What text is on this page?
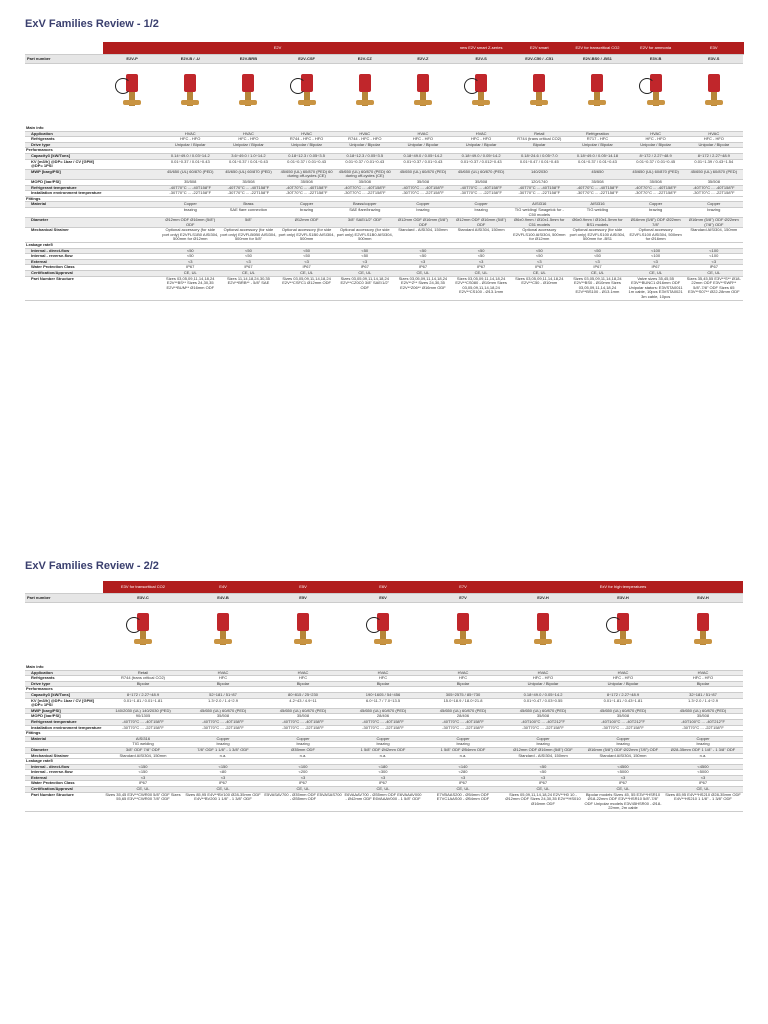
ExV Families Review - 1/2
	E2V						new E2V smart Z-series	E2V smart	E2V for transcritical CO2	E2V for ammonia	E3V	
Part number	E2V-P	E2V-B / -U	E2V-BRB	E2V-CSF	E2V-CZ	E2V-Z	E2V-S	E2V-C50 / -C51	E2V-BS0 / -BS1	E3V-B	E3V-S	

Main info												
Application		HVAC	HVAC	HVAC	HVAC	HVAC	HVAC	Retail	Refrigeration	HVAC	HVAC	
Refrigerants		HFC - HFO	HFC - HFO	R744 - HFC - HFO	R744 - HFC - HFO	HFC - HFO	HFC - HFO	R744 (trans critical CO2)	R717 - HFC	HFC - HFO	HFC - HFO	
Drive type		Unipolar / Bipolar	Unipolar / Bipolar	Unipolar / Bipolar	Unipolar / Bipolar	Unipolar / Bipolar	Unipolar / Bipolar	Bipolar	Unipolar / Bipolar	Unipolar / Bipolar	Unipolar / Bipolar	
Performances												
Capacity3 [kW/Tons]		0.14÷49.0 / 0.03÷14.2	3.6÷49.0 / 1.0÷14.2	0.18÷12.3 / 0.05÷3.5	0.18÷12.3 / 0.05÷3.5	0.18÷49.0 / 0.05÷14.2	0.18÷49.0 / 0.05÷14.2	0.18÷24.6 / 0.05÷7.0	0.18÷49.0 / 0.05÷14.18	8÷172 / 2.27÷48.9	8÷172 / 2.27÷48.9	
KV [m3/h] @DP= 1bar / CV [GPM] @DP= 1PSI		0.01÷0.37 / 0.01÷0.43	0.01÷0.37 / 0.01÷0.43	0.01÷0.37 / 0.01÷0.43	0.01÷0.37 / 0.01÷0.43	0.01÷0.37 / 0.01÷0.43	0.01÷0.37 / 0.012÷0.43	0.01÷0.47 / 0.01÷0.45	0.01÷0.37 / 0.01÷0.43	0.01÷0.37 / 0.01÷0.45	0.01÷1.39 / 0.43÷1.54	
MWP [barg/PSI]		45/650 (UL) 60/870 (PED)	45/650 (UL) 60/870 (PED)	45/650 (UL) 60/870 (PED) 60 during off-cycles (CE)	45/650 (UL) 60/870 (PED) 60 during off-cycles (CE)	45/650 (UL) 60/870 (PED)	45/650 (UL) 60/870 (PED)	140/2030	45/650	45/650 (UL) 60/870 (PED)	45/650 (UL) 60/870 (PED)	
MOPD [bar/PSI]		35/508	35/508	35/508	35/508	35/508	35/508	120/1740	35/508	35/508	35/508	
Refrigerant temperature		-40T70°C ... -40T158°F	-40T70°C ... -40T158°F	-40T70°C ... -40T158°F	-40T70°C ... -40T158°F	-40T70°C ... -40T158°F	-40T70°C ... -40T158°F	-40T70°C ... -40T158°F	-40T70°C ... -40T158°F	-40T70°C ... -40T158°F	-40T70°C ... -40T158°F	
Installation environment temperature		-30T70°C ... -22T158°F	-30T70°C ... -22T158°F	-30T70°C ... -22T158°F	-30T70°C ... -22T158°F	-30T70°C ... -22T158°F	-30T70°C ... -22T158°F	-30T70°C ... -22T158°F	-30T70°C ... -22T158°F	-30T70°C ... -22T158°F	-30T70°C ... -22T158°F	
Fittings												
Material		Copper	Brass	Copper	Brass/copper	Copper	Copper	AISI316	AISI316	Copper	Copper	
		brazing	SAE flare connection	brazing	SAE flare/brazing	brazing	brazing	TIG welding/ Swagelok for -C50 models	TIG welding	brazing	brazing	
Diameter		Ø12mm ODF Ø16mm (5/8") ODF	5/8"	Ø12mm ODF	3/8" SAE/1/2" ODF	Ø12mm ODF Ø16mm (5/8") ODF	Ø12mm ODF Ø16mm (5/8") ODF	Ø6x0.9mm / Ø10x1.5mm for C51 models	Ø6x0.9mm / Ø10x1.5mm for BS1 models	Ø16mm (5/8") ODF Ø22mm 7/8"	Ø16mm (5/8") ODF Ø22mm (7/8") ODF	
Mechanical Strainer		Optional accessory (for side port only) E2VFLS1B0 AISI304, 500mm for Ø12mm	Optional accessory (for side port only) E2VFLB0B0 AISI304, 500mm for 5/8"	Optional accessory (for side port only) E2VFLS1B0 AISI304, 500mm	Optional accessory (for side port only) E2VFLS1B0 AISI304, 500mm	Standard - AISI304, 150mm	Standard AISI304, 150mm	Optional accessory E2VFLS100 AISI304, 500mm for Ø12mm	Optional accessory (for side port only) E2VFLS100 AISI304, 500mm for -BS1	Optional accessory E2VFLS100 AISI304, 500mm for Ø16mm	Standard AISI304, 150mm	
Leakage rate5												
Internal - direct-flow		<50	<50	<50	<50	<50	<50	<50	<50	<100	<100	
Internal - reverse-flow		<50	<50	<50	<50	<50	<50	<50	<50	<100	<100	
External		<3	<3	<3	<3	<3	<3	<3	<3	<3	<3	
Water Protection Class		IP67	IP67	IP67	IP67	IP67	IP67	IP67	IP67	IP67	IP67	
Certification/Approval		CE, UL	CE, UL	CE, UL	CE, UL	CE, UL	CE, UL	CE, UL	CE, UL	CE, UL	CE, UL	
Part Number Structure		Sizes 03,05,09,11,14,18,24 E2V**BS** Sizes 24,30,35 E2V**BUM** Ø16mm ODF	Sizes 11,14,18,24,30,35 E2V**BRB** - 5/8" SAE	Sizes 03,05,09,11,14,18,24 E2V**CSFC1 Ø12mm ODF	Sizes 03,05,09,11,14,18,24 E2V**CZ0C0 3/8" SAE/1/2" ODF	Sizes 03,05,09,11,14,18,24 E2V**Z** Sizes 24,30,35 E2V**Z06** Ø16mm ODF	Sizes 03,05,09,11,14,18,24 E2V**CS080 - Ø10mm Sizes 03,05,09,11,14,18,24 E2V**CS100 - Ø13.1mm	Sizes 03,05,09,11,14,18,24 E2V**C50 - Ø10mm	Sizes 03,05,09,11,14,18,24 E2V**BS0 - Ø10mm Sizes 03,05,09,11,14,18,24 E2V**BS100 - Ø13.1mm	Valve sizes 35,45,55 E3V**BUNC1 Ø16mm ODF Unipolar stators: E3VSTA0011 1m cable, 10pcs E3VSTA0021 3m cable, 10pcs	Sizes 35,45,55 E3V**S** Ø18-22mm ODF E3V**SWR** 5/8"-7/8" ODF Sizes 65 E3V**S07** Ø22-28mm ODF	
ExV Families Review - 2/2
	E3V for transcritical CO2	E4V	E5V	E6V	E7V	ExV for high temperatures		
Part number	E3V-C	E4V-B	E5V	E6V	E7V	E2V-H	E3V-H	E4V-H

Main info								
Application	Retail	HVAC	HVAC	HVAC	HVAC	HVAC	HVAC	HVAC
Refrigerants	R744 (trans critical CO2)	HFC	HFC	HFC	HFC	HFC - HFO	HFC - HFO	HFC - HFO
Drive type	Bipolar	Bipolar	Bipolar	Bipolar	Bipolar	Unipolar / Bipolar	Unipolar / Bipolar	Bipolar
Performances								
Capacity3 [kW/Tons]	8÷172 / 2.27÷48.9	52÷181 / 51÷87	80÷815 / 25÷230	190÷1605 / 54÷456	305÷2575 / 85÷730	0.18÷49.0 / 0.05÷14.2	8÷172 / 2.27÷48.9	32÷181 / 51÷87
KV [m3/h] @DP= 1bar / CV [GPM] @DP= 1PSI	0.01÷1.81 / 0.01÷1.81	1.3÷2.0 / 1.4÷2.9	4.2÷43 / 4.9÷11	6.0÷11.7 / 7.0÷13.5	15.0÷18.9 / 18.0÷21.8	0.01÷0.47 / 0.03÷0.55	0.01÷1.81 / 0.43÷1.81	1.3÷2.0 / 1.4÷2.9
MWP [barg/PSI]	140/2030 (UL) 140/2030 (PED)	45/650 (UL) 60/870 (PED)	45/650 (UL) 60/870 (PED)	45/650 (UL) 60/870 (PED)	45/650 (UL) 60/870 (PED)	45/650 (UL) 60/870 (PED)	45/650 (UL) 60/870 (PED)	45/650 (UL) 60/870 (PED)
MOPD [bar/PSI]	90/1305	35/508	35/508	28/406	28/406	35/508	35/508	35/508
Refrigerant temperature	-40T70°C ... -40T158°F	-40T70°C ... -40T158°F	-40T70°C ... -40T158°F	-40T70°C ... -40T158°F	-40T70°C ... -40T158°F	-40T100°C ... -40T212°F	-40T100°C ... -40T212°F	-40T100°C ... -40T212°F
Installation environment temperature	-30T70°C ... -22T158°F	-30T70°C ... -22T158°F	-30T70°C ... -22T158°F	-30T70°C ... -22T158°F	-30T70°C ... -22T158°F	-30T70°C ... -22T158°F	-30T70°C ... -22T158°F	-30T70°C ... -22T158°F
Fittings								
Material	AISI316	Copper	Copper	Copper	Copper	Copper	Copper	Copper
	TIG welding	brazing	brazing	brazing	brazing	brazing	brazing	brazing
Diameter	3/8" ODF 7/8" ODF	7/8" ODF 1 1/8" - 1 3/8" ODF	Ø35mm ODF	1 5/8" ODF Ø42mm ODF	1 5/8" ODF Ø54mm ODF	Ø12mm ODF Ø16mm (5/8") ODF	Ø16mm (5/8") ODF Ø22mm (7/8") ODF	Ø28-35mm ODF 1 1/8" - 1 3/8" ODF
Mechanical Strainer	Standard AISI304, 150mm	n.a.	n.a.	n.a.	n.a.	Standard - AISI304, 150mm	Standard AISI304, 150mm	n.a.
Leakage rate5								
Internal - direct-flow	<150	<150	<100	<180	<140	<50	<4500	<4500
Internal - reverse-flow	<150	<80	<200	<300	<280	<50	<5000	<5000
External	<3	<3	<3	<3	<3	<3	<3	<3
Water Protection Class	IP67	IP67	IP67	IP67	IP67	IP67	IP67	IP67
Certification/Approval	CE, UL	CE, UL	CE, UL	CE, UL	CE, UL	CE, UL	CE, UL	CE, UL
Part Number Structure	Sizes 35,45 E3V**CWR00 5/8" ODF Sizes 55,65 E3V**CWR00 7/8" ODF	Sizes 85,95 E4V**BV100 Ø28-35mm ODF E4V**BV200 1 1/8" - 1 3/8" ODF	E5VASAV700 - Ø35mm ODF E5VASAS700 - Ø35mm ODF	E6VAAAV700 - Ø35mm ODF E6VAAAV000 - Ø42mm ODF E6VAAAV000 - 1 5/8" ODF	E7VBAAS200 - Ø54mm ODF E7VC1AAS00 - Ø54mm ODF	Sizes 05,09,11,14,18,24 E2V**H0 10 - Ø12mm ODF Sizes 24,30,35 E2V**HS010 Ø16mm ODF	Bipolar models Sizes 45, 55 E3V**HSR10 Ø18-22mm ODF E3V**HSR10 5/8"-7/8" ODF Unipolar models E3V45HSR00 - Ø18-22mm, 2m cable	Sizes 85,95 E4V**HS210 Ø28-35mm ODF E4V**HS210 1 1/8" - 1 3/8" ODF
